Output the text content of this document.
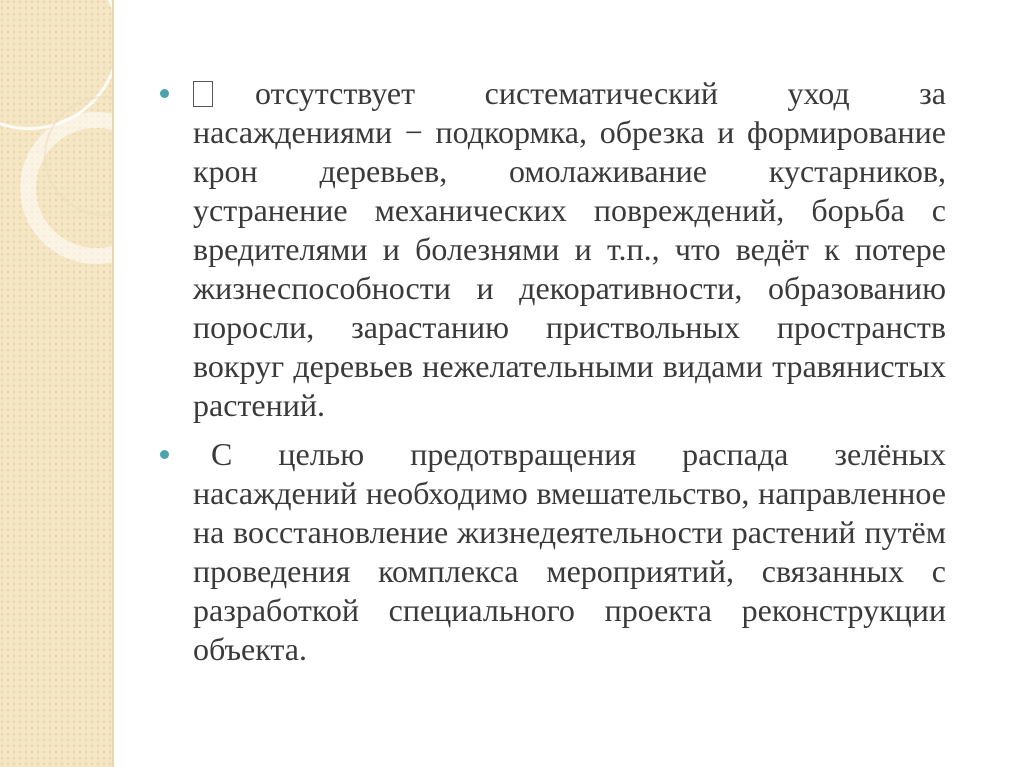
отсутствует систематический уход за насаждениями − подкормка, обрезка и формирование крон деревьев, омолаживание кустарников, устранение механических повреждений, борьба с вредителями и болезнями и т.п., что ведёт к потере жизнеспособности и декоративности, образованию поросли, зарастанию приствольных пространств вокруг деревьев нежелательными видами травянистых растений.
С целью предотвращения распада зелёных насаждений необходимо вмешательство, направленное на восстановление жизнедеятельности растений путём проведения комплекса мероприятий, связанных с разработкой специального проекта реконструкции объекта.
